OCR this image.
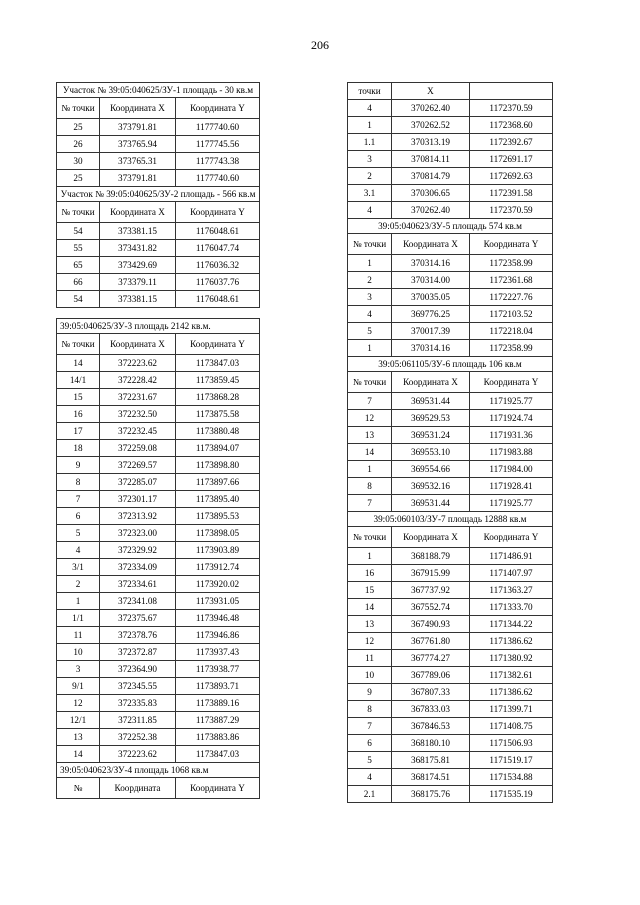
206
Участок № 39:05:040625/ЗУ-1 площадь - 30 кв.м		
№ точки	Координата X	Координата Y
25	373791.81	1177740.60
26	373765.94	1177745.56
30	373765.31	1177743.38
25	373791.81	1177740.60
Участок № 39:05:040625/ЗУ-2 площадь - 566 кв.м		
№ точки	Координата X	Координата Y
54	373381.15	1176048.61
55	373431.82	1176047.74
65	373429.69	1176036.32
66	373379.11	1176037.76
54	373381.15	1176048.61
39:05:040625/ЗУ-3 площадь 2142 кв.м.		
№ точки	Координата X	Координата Y
14	372223.62	1173847.03
14/1	372228.42	1173859.45
15	372231.67	1173868.28
16	372232.50	1173875.58
17	372232.45	1173880.48
18	372259.08	1173894.07
9	372269.57	1173898.80
8	372285.07	1173897.66
7	372301.17	1173895.40
6	372313.92	1173895.53
5	372323.00	1173898.05
4	372329.92	1173903.89
3/1	372334.09	1173912.74
2	372334.61	1173920.02
1	372341.08	1173931.05
1/1	372375.67	1173946.48
11	372378.76	1173946.86
10	372372.87	1173937.43
3	372364.90	1173938.77
9/1	372345.55	1173893.71
12	372335.83	1173889.16
12/1	372311.85	1173887.29
13	372252.38	1173883.86
14	372223.62	1173847.03
39:05:040623/ЗУ-4 площадь 1068 кв.м		
№	Координата	Координата Y
точки	X	
4	370262.40	1172370.59
1	370262.52	1172368.60
1.1	370313.19	1172392.67
3	370814.11	1172691.17
2	370814.79	1172692.63
3.1	370306.65	1172391.58
4	370262.40	1172370.59
39:05:040623/ЗУ-5 площадь 574 кв.м		
№ точки	Координата X	Координата Y
1	370314.16	1172358.99
2	370314.00	1172361.68
3	370035.05	1172227.76
4	369776.25	1172103.52
5	370017.39	1172218.04
1	370314.16	1172358.99
39:05:061105/ЗУ-6 площадь 106 кв.м		
№ точки	Координата X	Координата Y
7	369531.44	1171925.77
12	369529.53	1171924.74
13	369531.24	1171931.36
14	369553.10	1171983.88
1	369554.66	1171984.00
8	369532.16	1171928.41
7	369531.44	1171925.77
39:05:060103/ЗУ-7 площадь 12888 кв.м		
№ точки	Координата X	Координата Y
1	368188.79	1171486.91
16	367915.99	1171407.97
15	367737.92	1171363.27
14	367552.74	1171333.70
13	367490.93	1171344.22
12	367761.80	1171386.62
11	367774.27	1171380.92
10	367789.06	1171382.61
9	367807.33	1171386.62
8	367833.03	1171399.71
7	367846.53	1171408.75
6	368180.10	1171506.93
5	368175.81	1171519.17
4	368174.51	1171534.88
2.1	368175.76	1171535.19
